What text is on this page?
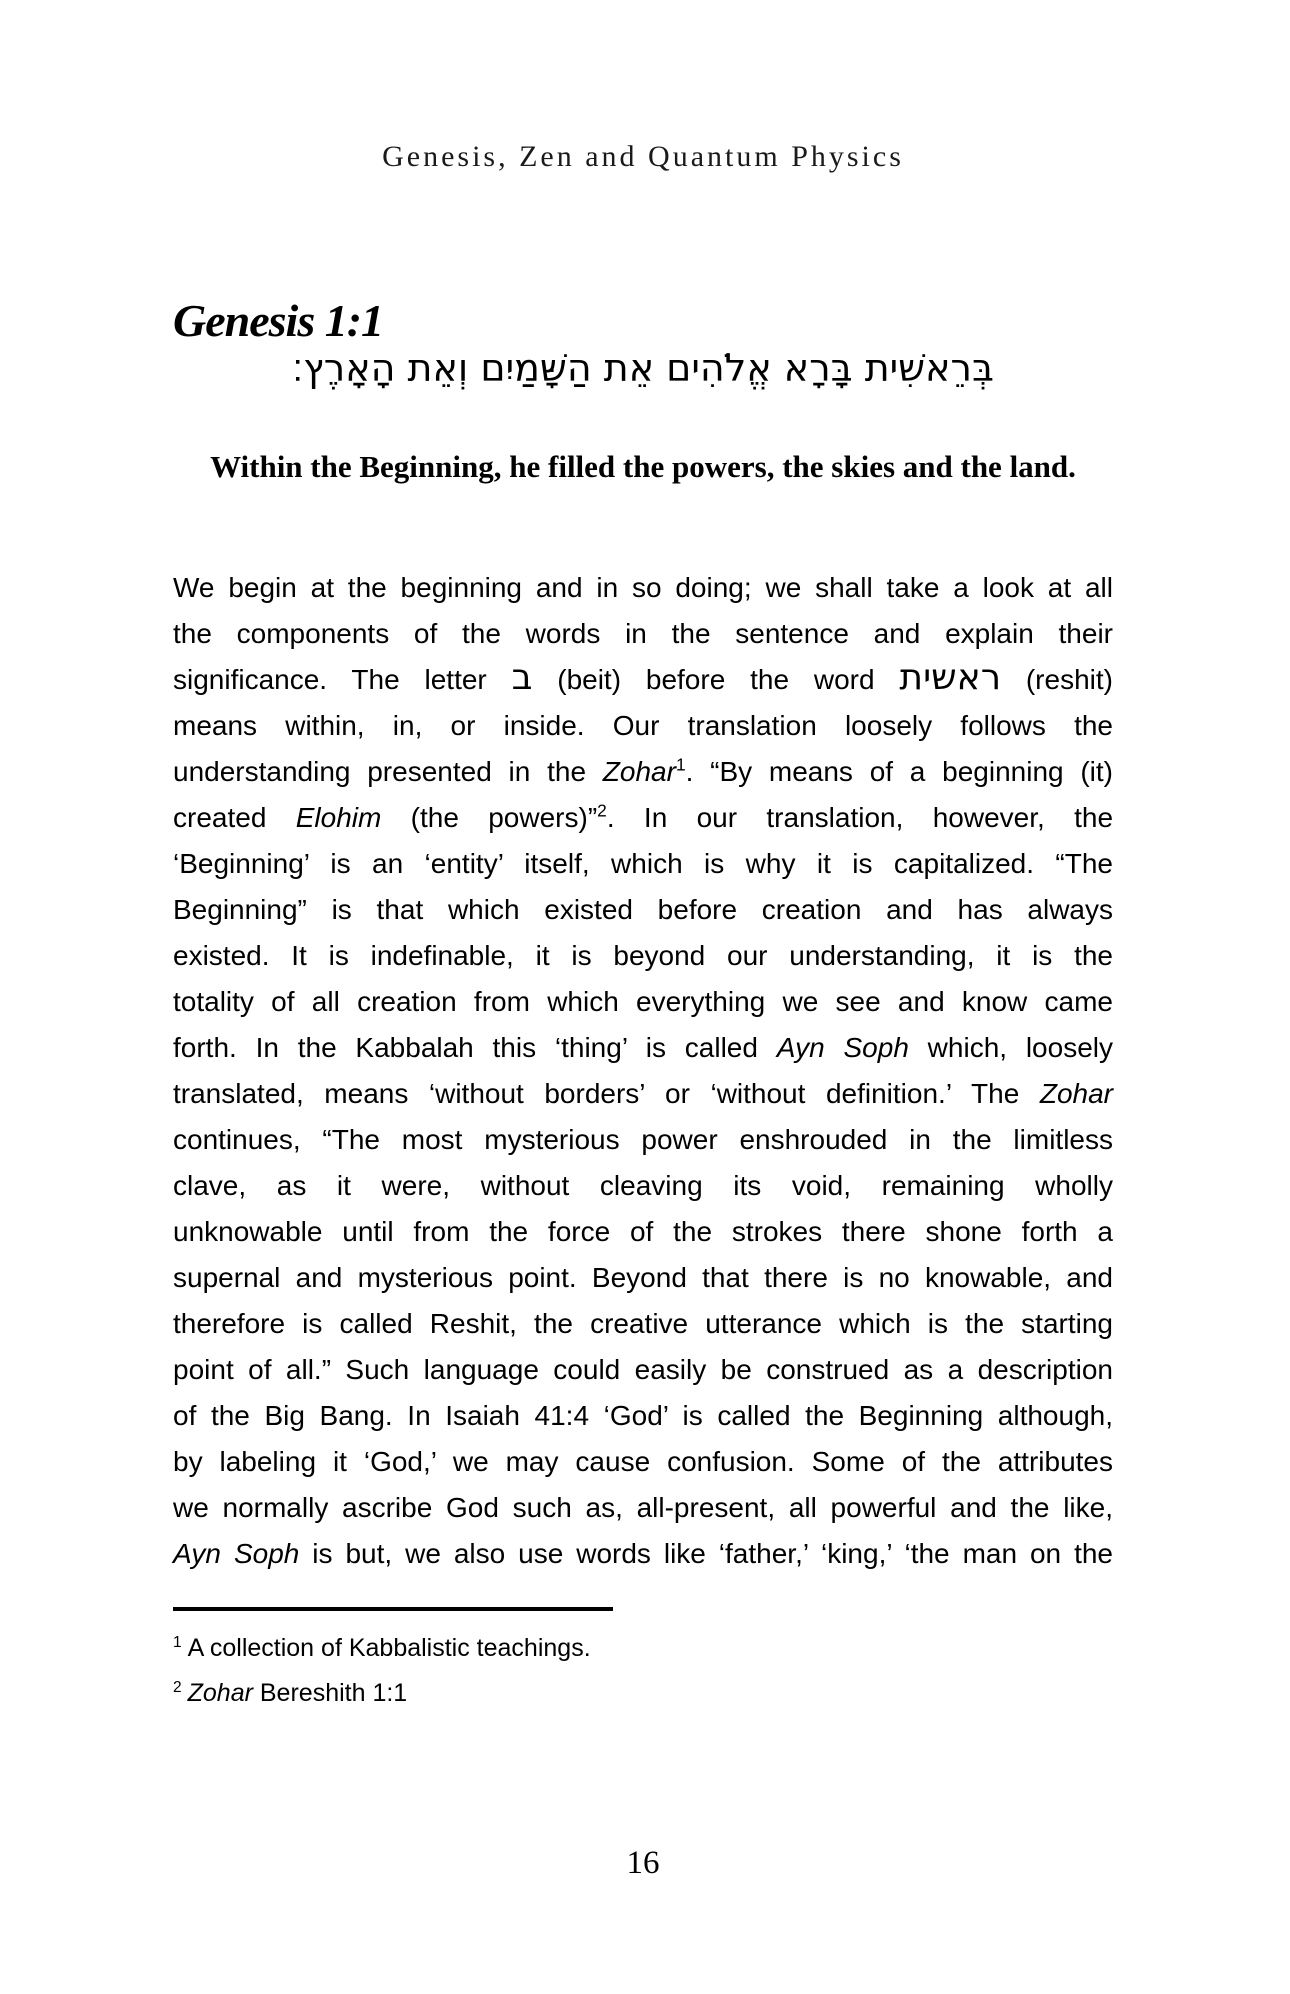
Genesis, Zen and Quantum Physics
Genesis 1:1
בְּרֵאשִׁית בָּרָא אֱלֹהִים אֵת הַשָּׁמַיִם וְאֵת הָאָרֶץ׃
Within the Beginning, he filled the powers, the skies and the land.
We begin at the beginning and in so doing; we shall take a look at all
the components of the words in the sentence and explain their
significance. The letter ב (beit) before the word ראשית (reshit)
means within, in, or inside. Our translation loosely follows the
understanding presented in the Zohar$^1$. “By means of a beginning (it)
created Elohim (the powers)”$^2$. In our translation, however, the
‘Beginning’ is an ‘entity’ itself, which is why it is capitalized. “The
Beginning” is that which existed before creation and has always
existed. It is indefinable, it is beyond our understanding, it is the
totality of all creation from which everything we see and know came
forth. In the Kabbalah this ‘thing’ is called Ayn Soph which, loosely
translated, means ‘without borders’ or ‘without definition.’ The Zohar
continues, “The most mysterious power enshrouded in the limitless
clave, as it were, without cleaving its void, remaining wholly
unknowable until from the force of the strokes there shone forth a
supernal and mysterious point. Beyond that there is no knowable, and
therefore is called Reshit, the creative utterance which is the starting
point of all.” Such language could easily be construed as a description
of the Big Bang. In Isaiah 41:4 ‘God’ is called the Beginning although,
by labeling it ‘God,’ we may cause confusion. Some of the attributes
we normally ascribe God such as, all-present, all powerful and the like,
Ayn Soph is but, we also use words like ‘father,’ ‘king,’ ‘the man on the
$^1$ A collection of Kabbalistic teachings.
$^2$ Zohar Bereshith 1:1
16
